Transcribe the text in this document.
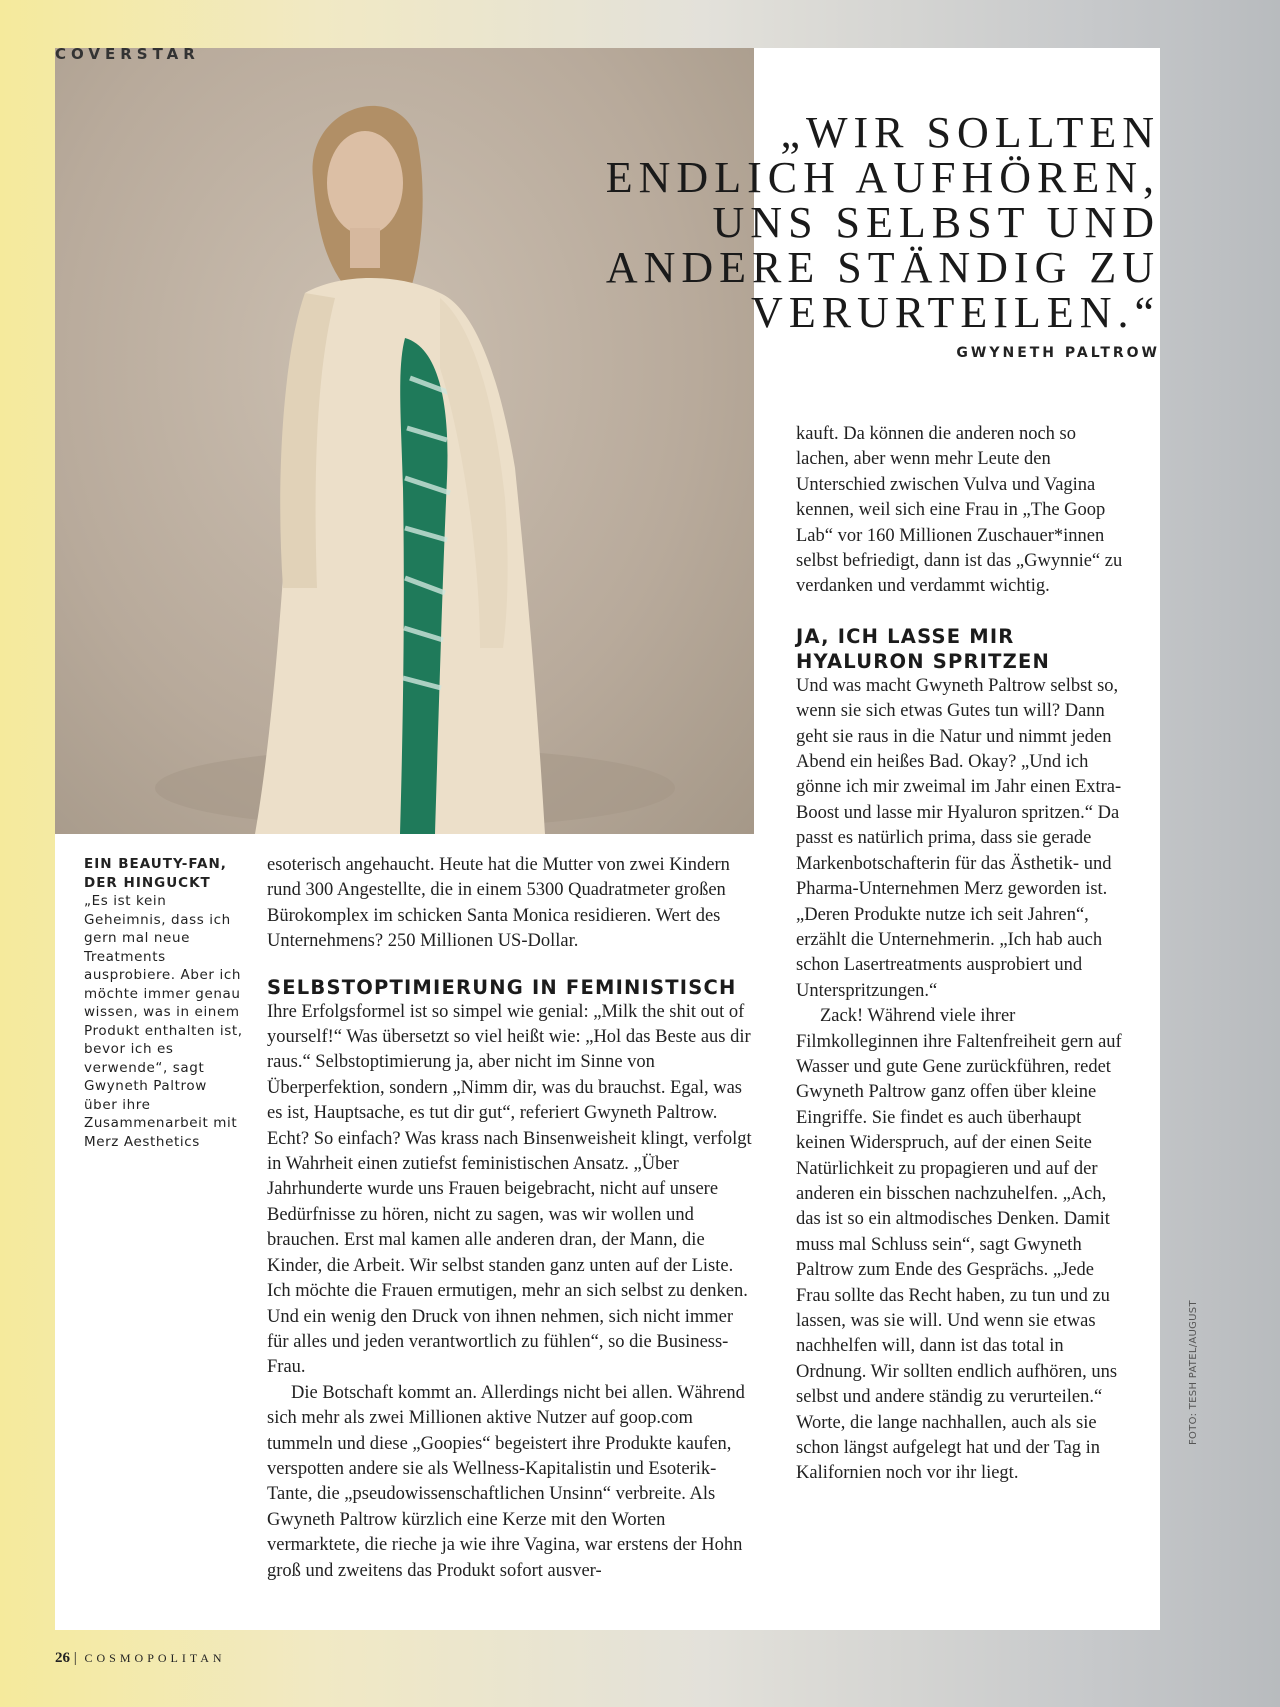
COVERSTAR
„WIR SOLLTEN
ENDLICH AUFHÖREN,
UNS SELBST UND
ANDERE STÄNDIG ZU
VERURTEILEN.“
GWYNETH PALTROW
EIN BEAUTY-FAN, DER HINGUCKT
„Es ist kein Geheimnis, dass ich gern mal neue Treatments ausprobiere. Aber ich möchte immer genau wissen, was in einem Produkt enthalten ist, bevor ich es verwende“, sagt Gwyneth Paltrow über ihre Zusammenarbeit mit Merz Aesthetics

esoterisch angehaucht. Heute hat die Mutter von zwei Kindern rund 300 Angestellte, die in einem 5300 Quadratmeter großen Bürokomplex im schicken Santa Monica residieren. Wert des Unternehmens? 250 Millionen US-Dollar.

SELBSTOPTIMIERUNG IN FEMINISTISCH

Ihre Erfolgsformel ist so simpel wie genial: „Milk the shit out of yourself!“ Was übersetzt so viel heißt wie: „Hol das Beste aus dir raus.“ Selbstoptimierung ja, aber nicht im Sinne von Überperfektion, sondern „Nimm dir, was du brauchst. Egal, was es ist, Hauptsache, es tut dir gut“, referiert Gwyneth Paltrow. Echt? So einfach? Was krass nach Binsenweisheit klingt, verfolgt in Wahrheit einen zutiefst feministischen Ansatz. „Über Jahrhunderte wurde uns Frauen beigebracht, nicht auf unsere Bedürfnisse zu hören, nicht zu sagen, was wir wollen und brauchen. Erst mal kamen alle anderen dran, der Mann, die Kinder, die Arbeit. Wir selbst standen ganz unten auf der Liste. Ich möchte die Frauen ermutigen, mehr an sich selbst zu denken. Und ein wenig den Druck von ihnen nehmen, sich nicht immer für alles und jeden verantwortlich zu fühlen“, so die Business-Frau.

Die Botschaft kommt an. Allerdings nicht bei allen. Während sich mehr als zwei Millionen aktive Nutzer auf goop.com tummeln und diese „Goopies“ begeistert ihre Produkte kaufen, verspotten andere sie als Wellness-Kapitalistin und Esoterik-Tante, die „pseudowissenschaftlichen Unsinn“ verbreite. Als Gwyneth Paltrow kürzlich eine Kerze mit den Worten vermarktete, die rieche ja wie ihre Vagina, war erstens der Hohn groß und zweitens das Produkt sofort ausver-

kauft. Da können die anderen noch so lachen, aber wenn mehr Leute den Unterschied zwischen Vulva und Vagina kennen, weil sich eine Frau in „The Goop Lab“ vor 160 Millionen Zuschauer*innen selbst befriedigt, dann ist das „Gwynnie“ zu verdanken und verdammt wichtig.

JA, ICH LASSE MIR HYALURON SPRITZEN

Und was macht Gwyneth Paltrow selbst so, wenn sie sich etwas Gutes tun will? Dann geht sie raus in die Natur und nimmt jeden Abend ein heißes Bad. Okay? „Und ich gönne ich mir zweimal im Jahr einen Extra-Boost und lasse mir Hyaluron spritzen.“ Da passt es natürlich prima, dass sie gerade Markenbotschafterin für das Ästhetik- und Pharma-Unternehmen Merz geworden ist. „Deren Produkte nutze ich seit Jahren“, erzählt die Unternehmerin. „Ich hab auch schon Lasertreatments ausprobiert und Unterspritzungen.“

Zack! Während viele ihrer Filmkolleginnen ihre Faltenfreiheit gern auf Wasser und gute Gene zurückführen, redet Gwyneth Paltrow ganz offen über kleine Eingriffe. Sie findet es auch überhaupt keinen Widerspruch, auf der einen Seite Natürlichkeit zu propagieren und auf der anderen ein bisschen nachzuhelfen. „Ach, das ist so ein altmodisches Denken. Damit muss mal Schluss sein“, sagt Gwyneth Paltrow zum Ende des Gesprächs. „Jede Frau sollte das Recht haben, zu tun und zu lassen, was sie will. Und wenn sie etwas nachhelfen will, dann ist das total in Ordnung. Wir sollten endlich aufhören, uns selbst und andere ständig zu verurteilen.“ Worte, die lange nachhallen, auch als sie schon längst aufgelegt hat und der Tag in Kalifornien noch vor ihr liegt.

26 | COSMOPOLITAN
FOTO: TESH PATEL/AUGUST
